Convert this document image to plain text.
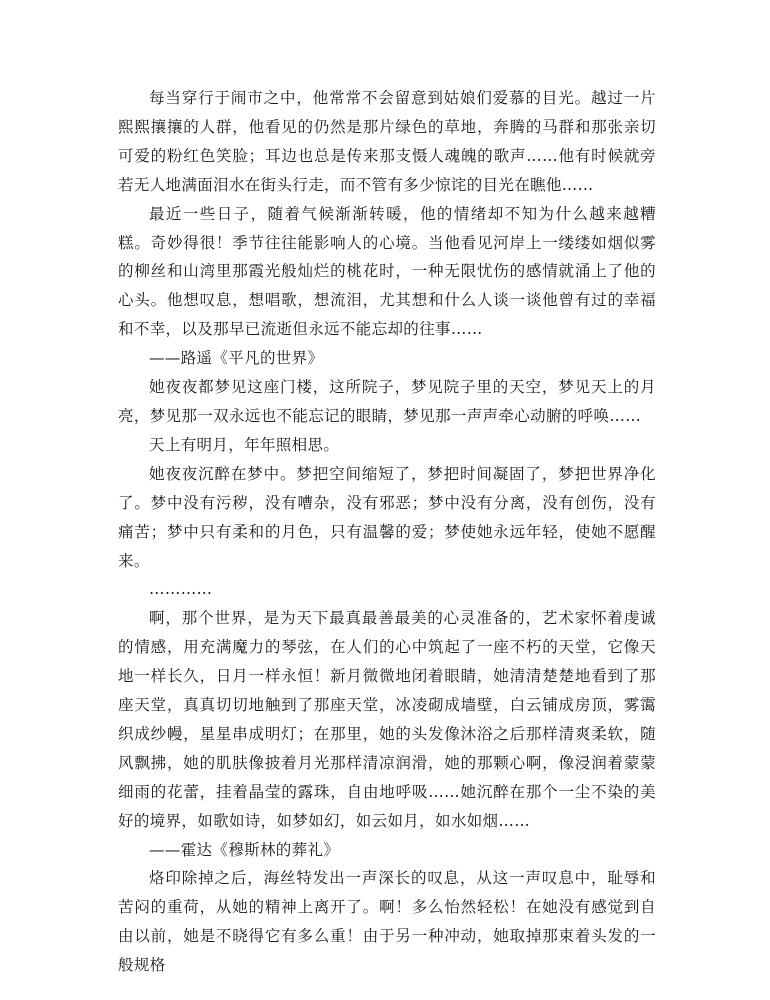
每当穿行于闹市之中，他常常不会留意到姑娘们爱慕的目光。越过一片熙熙攘攘的人群，他看见的仍然是那片绿色的草地，奔腾的马群和那张亲切可爱的粉红色笑脸；耳边也总是传来那支慑人魂魄的歌声……他有时候就旁若无人地满面泪水在街头行走，而不管有多少惊诧的目光在瞧他……

最近一些日子，随着气候渐渐转暖，他的情绪却不知为什么越来越糟糕。奇妙得很！季节往往能影响人的心境。当他看见河岸上一缕缕如烟似雾的柳丝和山湾里那霞光般灿烂的桃花时，一种无限忧伤的感情就涌上了他的心头。他想叹息，想唱歌，想流泪，尤其想和什么人谈一谈他曾有过的幸福和不幸，以及那早已流逝但永远不能忘却的往事……

——路遥《平凡的世界》

她夜夜都梦见这座门楼，这所院子，梦见院子里的天空，梦见天上的月亮，梦见那一双永远也不能忘记的眼睛，梦见那一声声牵心动腑的呼唤……

天上有明月，年年照相思。

她夜夜沉醉在梦中。梦把空间缩短了，梦把时间凝固了，梦把世界净化了。梦中没有污秽，没有嘈杂，没有邪恶；梦中没有分离，没有创伤，没有痛苦；梦中只有柔和的月色，只有温馨的爱；梦使她永远年轻，使她不愿醒来。

…………

啊，那个世界，是为天下最真最善最美的心灵准备的，艺术家怀着虔诚的情感，用充满魔力的琴弦，在人们的心中筑起了一座不朽的天堂，它像天地一样长久，日月一样永恒！新月微微地闭着眼睛，她清清楚楚地看到了那座天堂，真真切切地触到了那座天堂，冰凌砌成墙壁，白云铺成房顶，雾霭织成纱幔，星星串成明灯；在那里，她的头发像沐浴之后那样清爽柔软，随风飘拂，她的肌肤像披着月光那样清凉润滑，她的那颗心啊，像浸润着蒙蒙细雨的花蕾，挂着晶莹的露珠，自由地呼吸……她沉醉在那个一尘不染的美好的境界，如歌如诗，如梦如幻，如云如月，如水如烟……

——霍达《穆斯林的葬礼》

烙印除掉之后，海丝特发出一声深长的叹息，从这一声叹息中，耻辱和苦闷的重荷，从她的精神上离开了。啊！多么怡然轻松！在她没有感觉到自由以前，她是不晓得它有多么重！由于另一种冲动，她取掉那束着头发的一般规格
